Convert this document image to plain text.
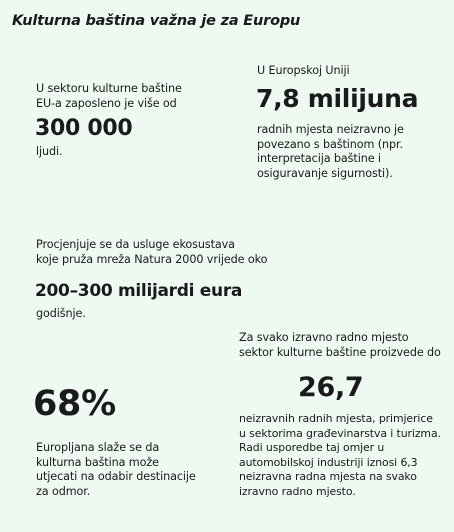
Kulturna baština važna je za Europu
U sektoru kulturne baštine
EU-a zaposleno je više od
300 000
ljudi.
U Europskoj Uniji
7,8 milijuna
radnih mjesta neizravno je
povezano s baštinom (npr.
interpretacija baštine i
osiguravanje sigurnosti).
Procjenjuje se da usluge ekosustava
koje pruža mreža Natura 2000 vrijede oko
200–300 milijardi eura
godišnje.
68%
Europljana slaže se da
kulturna baština može
utjecati na odabir destinacije
za odmor.
Za svako izravno radno mjesto
sektor kulturne baštine proizvede do
26,7
neizravnih radnih mjesta, primjerice
u sektorima građevinarstva i turizma.
Radi usporedbe taj omjer u
automobilskoj industriji iznosi 6,3
neizravna radna mjesta na svako
izravno radno mjesto.
